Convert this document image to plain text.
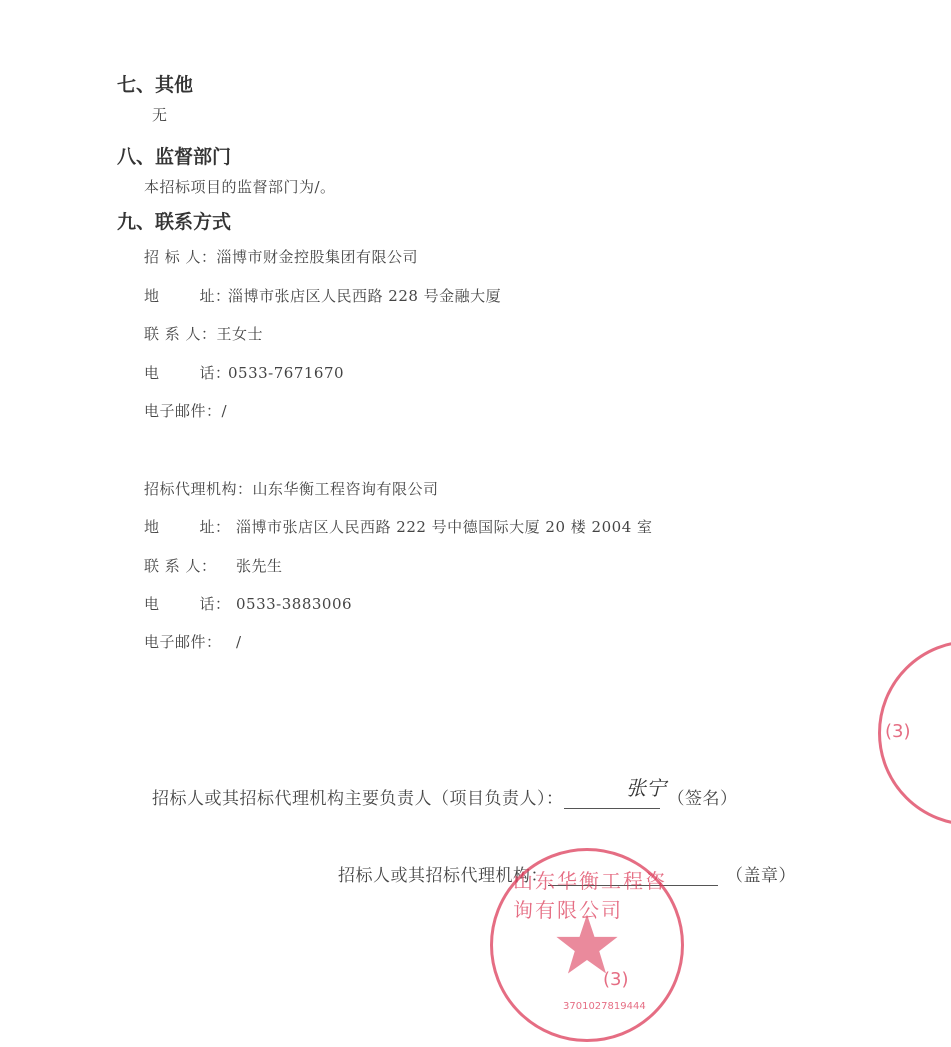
七、其他
无
八、监督部门
本招标项目的监督部门为/。
九、联系方式
招 标 人：淄博市财金控股集团有限公司
地	址：淄博市张店区人民西路 228 号金融大厦
联 系 人：王女士
电	话：0533-7671670
电子邮件：/
招标代理机构：山东华衡工程咨询有限公司
地	址： 淄博市张店区人民西路 222 号中德国际大厦 20 楼 2004 室
联 系 人： 张先生
电	话： 0533-3883006
电子邮件： /
招标人或其招标代理机构主要负责人（项目负责人）：	（签名）
张宁
招标人或其招标代理机构：	（盖章）
(3)
(3)
3701027819444
山东华衡工程咨询有限公司
